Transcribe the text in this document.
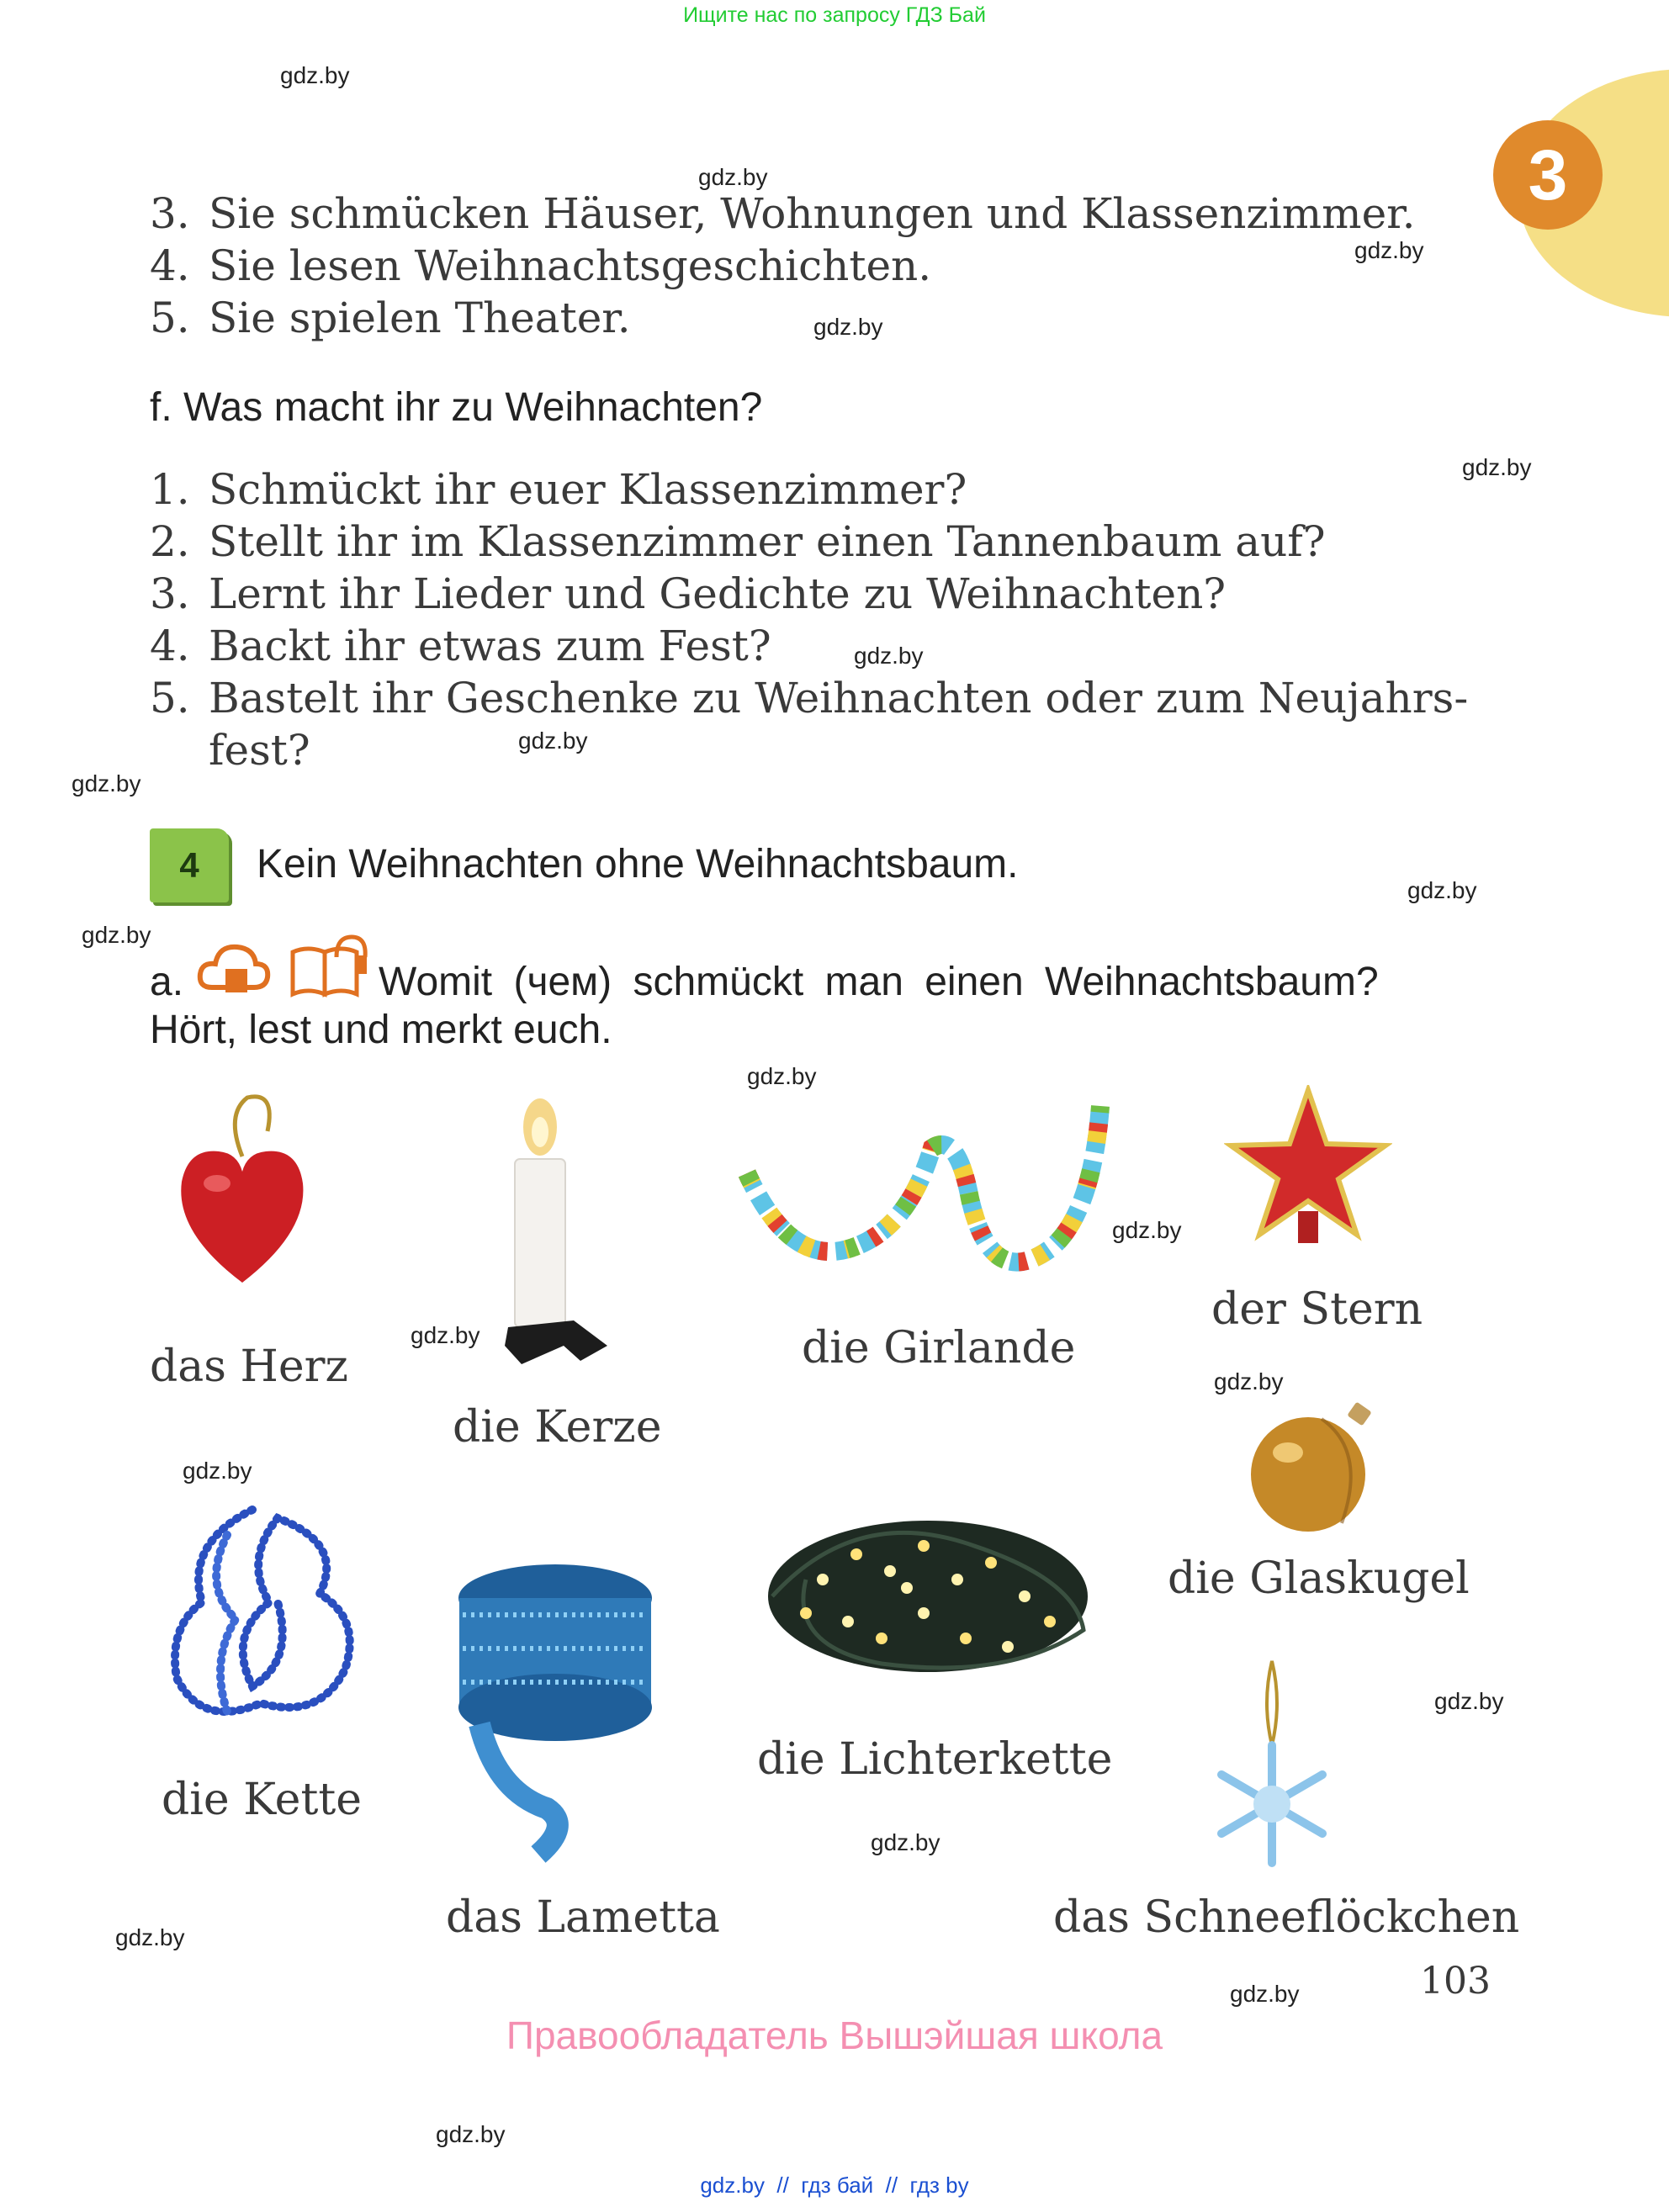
Ищите нас по запросу ГДЗ Бай
3
gdz.by
gdz.by
gdz.by
gdz.by
gdz.by
gdz.by
gdz.by
gdz.by
gdz.by
gdz.by
gdz.by
gdz.by
gdz.by
gdz.by
gdz.by
gdz.by
gdz.by
gdz.by
gdz.by
gdz.by
3. Sie schmücken Häuser, Wohnungen und Klassenzimmer.
4. Sie lesen Weihnachtsgeschichten.
5. Sie spielen Theater.
f. Was macht ihr zu Weihnachten?
1. Schmückt ihr euer Klassenzimmer?
2. Stellt ihr im Klassenzimmer einen Tannenbaum auf?
3. Lernt ihr Lieder und Gedichte zu Weihnachten?
4. Backt ihr etwas zum Fest?
5. Bastelt ihr Geschenke zu Weihnachten oder zum Neujahrs-
fest?
4	Kein Weihnachten ohne Weihnachtsbaum.
a.	Womit (чем) schmückt man einen Weihnachtsbaum?
Hört, lest und merkt euch.
das Herz
die Kerze
die Girlande
der Stern
die Glaskugel
die Kette
die Lichterkette
das Lametta	das Schneeflöckchen
103
Правообладатель Вышэйшая школа
gdz.by  //  гдз бай  //  гдз by
